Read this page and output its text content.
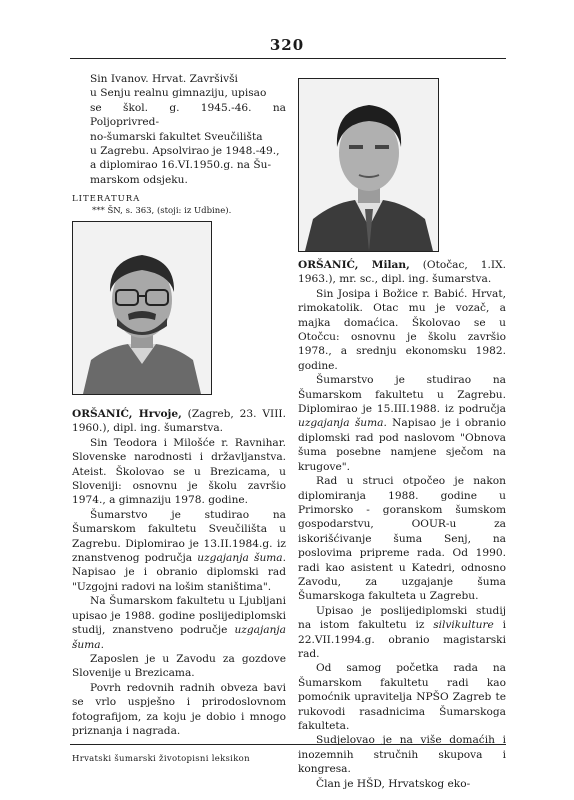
320
Sin Ivanov. Hrvat. Završivši
u Senju realnu gimnaziju, upisao
se škol. g. 1945.-46. na Poljoprivred-
no-šumarski fakultet Sveučilišta
u Zagrebu. Apsolvirao je 1948.-49.,
a diplomirao 16.VI.1950.g. na Šu-
marskom odsjeku.
LITERATURA
*** ŠN, s. 363, (stoji: iz Udbine).

ORŠANIĆ, Hrvoje, (Zagreb, 23. VIII. 1960.), dipl. ing. šumarstva.

Sin Teodora i Milošće r. Ravnihar. Slovenske narodnosti i državljanstva. Ateist. Školovao se u Brezicama, u Sloveniji: osnovnu je školu završio 1974., a gimnaziju 1978. godine.

Šumarstvo je studirao na Šumarskom fakultetu Sveučilišta u Zagrebu. Diplomirao je 13.II.1984.g. iz znanstvenog područja uzgajanja šuma. Napisao je i obranio diplomski rad "Uzgojni radovi na lošim staništima".

Na Šumarskom fakultetu u Ljubljani upisao je 1988. godine poslijediplomski studij, znanstveno područje uzgajanja šuma.

Zaposlen je u Zavodu za gozdove Slovenije u Brezicama.

Povrh redovnih radnih obveza bavi se vrlo uspješno i prirodoslovnom fotografijom, za koju je dobio i mnogo priznanja i nagrada.

ORŠANIĆ, Milan, (Otočac, 1.IX. 1963.), mr. sc., dipl. ing. šumarstva.

Sin Josipa i Božice r. Babić. Hrvat, rimokatolik. Otac mu je vozač, a majka domaćica. Školovao se u Otočcu: osnovnu je školu završio 1978., a srednju ekonomsku 1982. godine.

Šumarstvo je studirao na Šumarskom fakultetu u Zagrebu. Diplomirao je 15.III.1988. iz područja uzgajanja šuma. Napisao je i obranio diplomski rad pod naslovom "Obnova šuma posebne namjene sječom na krugove".

Rad u struci otpočeo je nakon diplomiranja 1988. godine u Primorsko - goranskom šumskom gospodarstvu, OOUR-u za iskorišćivanje šuma Senj, na poslovima pripreme rada. Od 1990. radi kao asistent u Katedri, odnosno Zavodu, za uzgajanje šuma Šumarskoga fakulteta u Zagrebu.

Upisao je poslijediplomski studij na istom fakultetu iz silvikulture i 22.VII.1994.g. obranio magistarski rad.

Od samog početka rada na Šumarskom fakultetu radi kao pomoćnik upravitelja NPŠO Zagreb te rukovodi rasadnicima Šumarskoga fakulteta.

Sudjelovao je na više domaćih i inozemnih stručnih skupova i kongresa.

Član je HŠD, Hrvatskog eko-

Hrvatski šumarski životopisni leksikon
